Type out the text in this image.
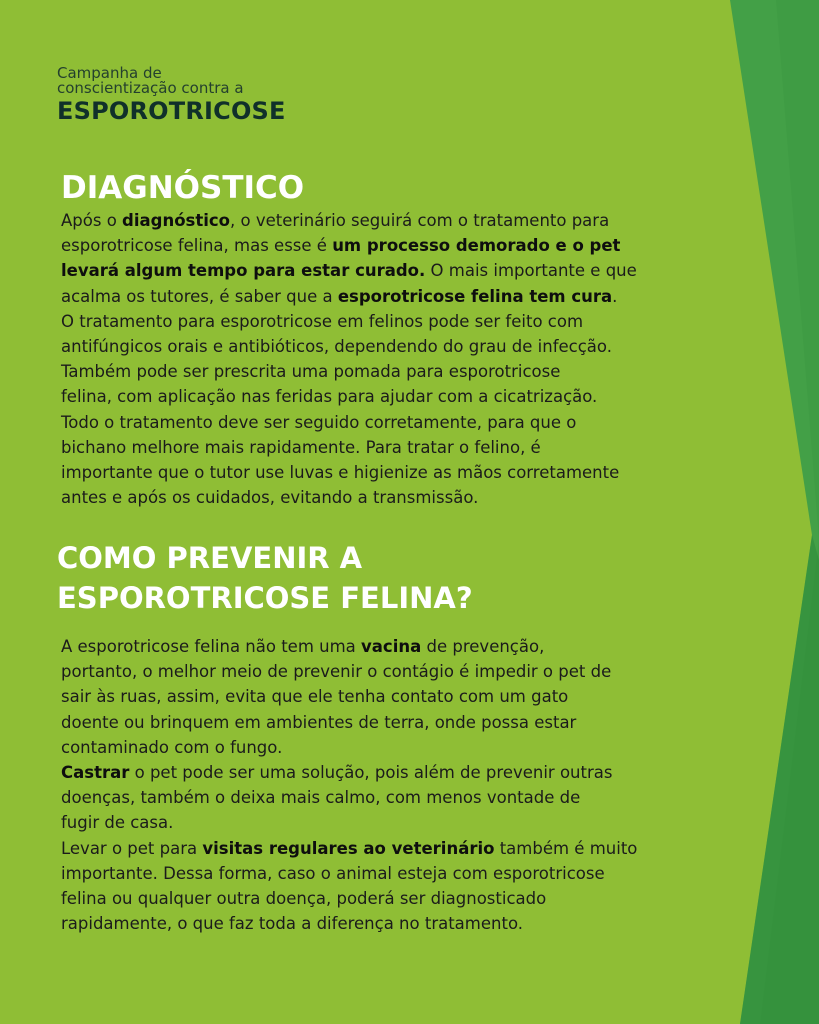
Campanha de
conscientização contra a
ESPOROTRICOSE
DIAGNÓSTICO
Após o diagnóstico, o veterinário seguirá com o tratamento para
esporotricose felina, mas esse é um processo demorado e o pet
levará algum tempo para estar curado. O mais importante e que
acalma os tutores, é saber que a esporotricose felina tem cura.
O tratamento para esporotricose em felinos pode ser feito com
antifúngicos orais e antibióticos, dependendo do grau de infecção.
Também pode ser prescrita uma pomada para esporotricose
felina, com aplicação nas feridas para ajudar com a cicatrização.
Todo o tratamento deve ser seguido corretamente, para que o
bichano melhore mais rapidamente. Para tratar o felino, é
importante que o tutor use luvas e higienize as mãos corretamente
antes e após os cuidados, evitando a transmissão.
COMO PREVENIR A
ESPOROTRICOSE FELINA?
A esporotricose felina não tem uma vacina de prevenção,
portanto, o melhor meio de prevenir o contágio é impedir o pet de
sair às ruas, assim, evita que ele tenha contato com um gato
doente ou brinquem em ambientes de terra, onde possa estar
contaminado com o fungo.
Castrar o pet pode ser uma solução, pois além de prevenir outras
doenças, também o deixa mais calmo, com menos vontade de
fugir de casa.
Levar o pet para visitas regulares ao veterinário também é muito
importante. Dessa forma, caso o animal esteja com esporotricose
felina ou qualquer outra doença, poderá ser diagnosticado
rapidamente, o que faz toda a diferença no tratamento.
